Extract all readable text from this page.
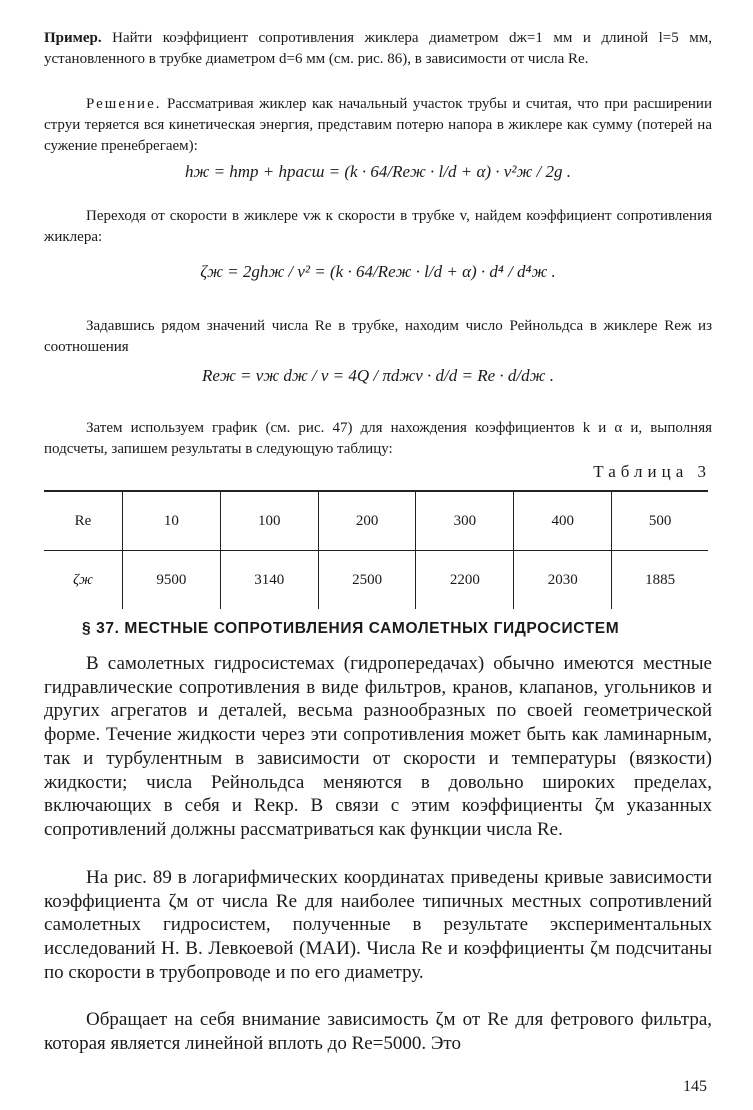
Пример. Найти коэффициент сопротивления жиклера диаметром dж=1 мм и длиной l=5 мм, установленного в трубке диаметром d=6 мм (см. рис. 86), в зависимости от числа Re.

Решение. Рассматривая жиклер как начальный участок трубы и считая, что при расширении струи теряется вся кинетическая энергия, представим потерю напора в жиклере как сумму (потерей на сужение пренебрегаем):

hж = hтр + hрасш = (k · 64/Reж · l/d + α) · v²ж / 2g .

Переходя от скорости в жиклере vж к скорости в трубке v, найдем коэффициент сопротивления жиклера:

ζж = 2ghж / v² = (k · 64/Reж · l/d + α) · d⁴ / d⁴ж .

Задавшись рядом значений числа Re в трубке, находим число Рейнольдса в жиклере Reж из соотношения

Reж = vж dж / ν = 4Q / πdжν · d/d = Re · d/dж .

Затем используем график (см. рис. 47) для нахождения коэффициентов k и α и, выполняя подсчеты, запишем результаты в следующую таблицу:

Таблица 3
Re	10	100	200	300	400	500
ζж	9500	3140	2500	2200	2030	1885
§ 37. МЕСТНЫЕ СОПРОТИВЛЕНИЯ САМОЛЕТНЫХ ГИДРОСИСТЕМ

В самолетных гидросистемах (гидропередачах) обычно имеются местные гидравлические сопротивления в виде фильтров, кранов, клапанов, угольников и других агрегатов и деталей, весьма разнообразных по своей геометрической форме. Течение жидкости через эти сопротивления может быть как ламинарным, так и турбулентным в зависимости от скорости и температуры (вязкости) жидкости; числа Рейнольдса меняются в довольно широких пределах, включающих в себя и Reкр. В связи с этим коэффициенты ζм указанных сопротивлений должны рассматриваться как функции числа Re.

На рис. 89 в логарифмических координатах приведены кривые зависимости коэффициента ζм от числа Re для наиболее типичных местных сопротивлений самолетных гидросистем, полученные в результате экспериментальных исследований Н. В. Левкоевой (МАИ). Числа Re и коэффициенты ζм подсчитаны по скорости в трубопроводе и по его диаметру.

Обращает на себя внимание зависимость ζм от Re для фетрового фильтра, которая является линейной вплоть до Re=5000. Это

145
